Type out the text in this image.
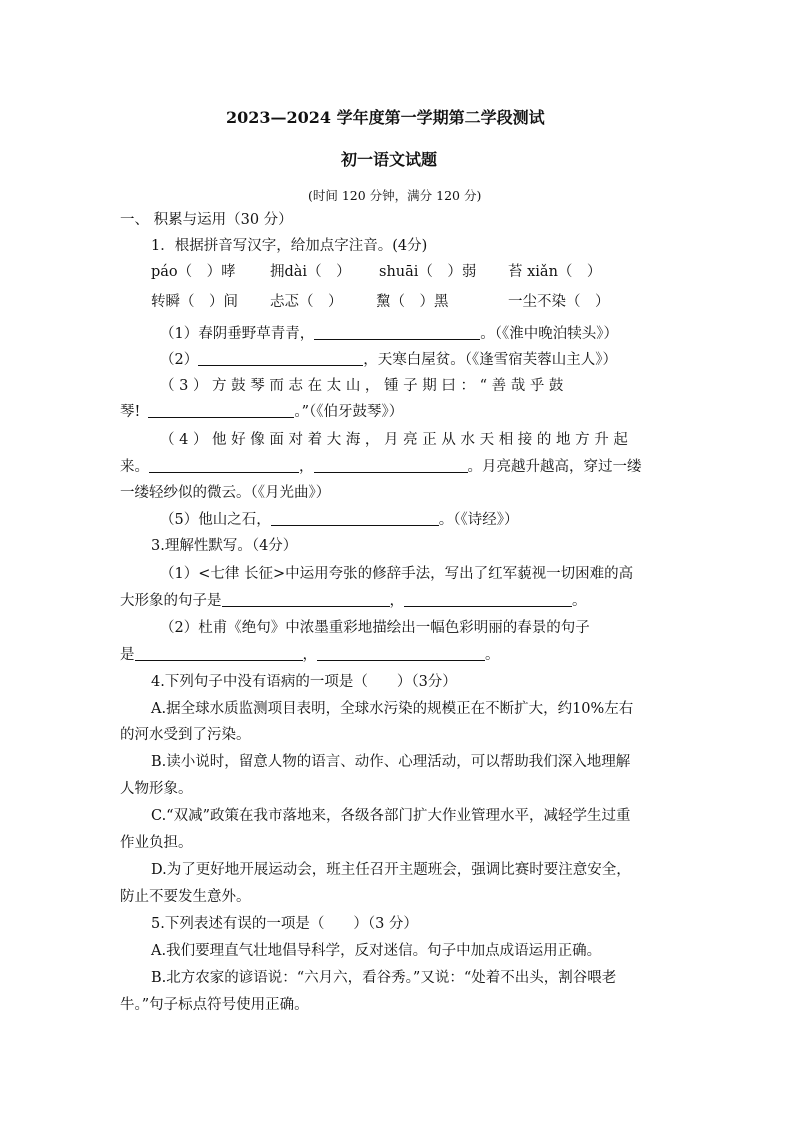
2023—2024 学年度第一学期第二学段测试
初一语文试题
(时间 120 分钟，满分 120 分)
一、 积累与运用（30 分）
1．根据拼音写汉字，给加点字注音。(4分)
páo（　）哮 拥dài（　） shuāi（　）弱 苔 xiǎn（　）
转瞬（　）间 忐忑（　） 黧（　）黑	一尘不染（　）
（1）春阴垂野草青青，	。（《淮中晚泊犊头》）
（2）	，天寒白屋贫。（《逢雪宿芙蓉山主人》）
（ 3 ） 方 鼓 琴 而 志 在 太 山 ， 锺 子 期 曰 ： “ 善 哉 乎 鼓
琴!	。”（《伯牙鼓琴》）
（ 4 ） 他 好 像 面 对 着 大 海 ， 月 亮 正 从 水 天 相 接 的 地 方 升 起
来。	，	。月亮越升越高，穿过一缕
一缕轻纱似的微云。（《月光曲》）
（5）他山之石，	。（《诗经》）
3.理解性默写。（4分）
（1）<七律 长征>中运用夸张的修辞手法，写出了红军藐视一切困难的高
大形象的句子是	，	。
（2）杜甫《绝句》中浓墨重彩地描绘出一幅色彩明丽的春景的句子
是	，	。
4.下列句子中没有语病的一项是（　　）（3分）
A.据全球水质监测项目表明，全球水污染的规模正在不断扩大，约10%左右
的河水受到了污染。
B.读小说时，留意人物的语言、动作、心理活动，可以帮助我们深入地理解
人物形象。
C.“双减”政策在我市落地来，各级各部门扩大作业管理水平，减轻学生过重
作业负担。
D.为了更好地开展运动会，班主任召开主题班会，强调比赛时要注意安全，
防止不要发生意外。
5.下列表述有误的一项是（　　）（3 分）
A.我们要理直气壮地倡导科学，反对迷信。句子中加点成语运用正确。
B.北方农家的谚语说：“六月六，看谷秀。”又说：“处着不出头，割谷喂老
牛。”句子标点符号使用正确。
